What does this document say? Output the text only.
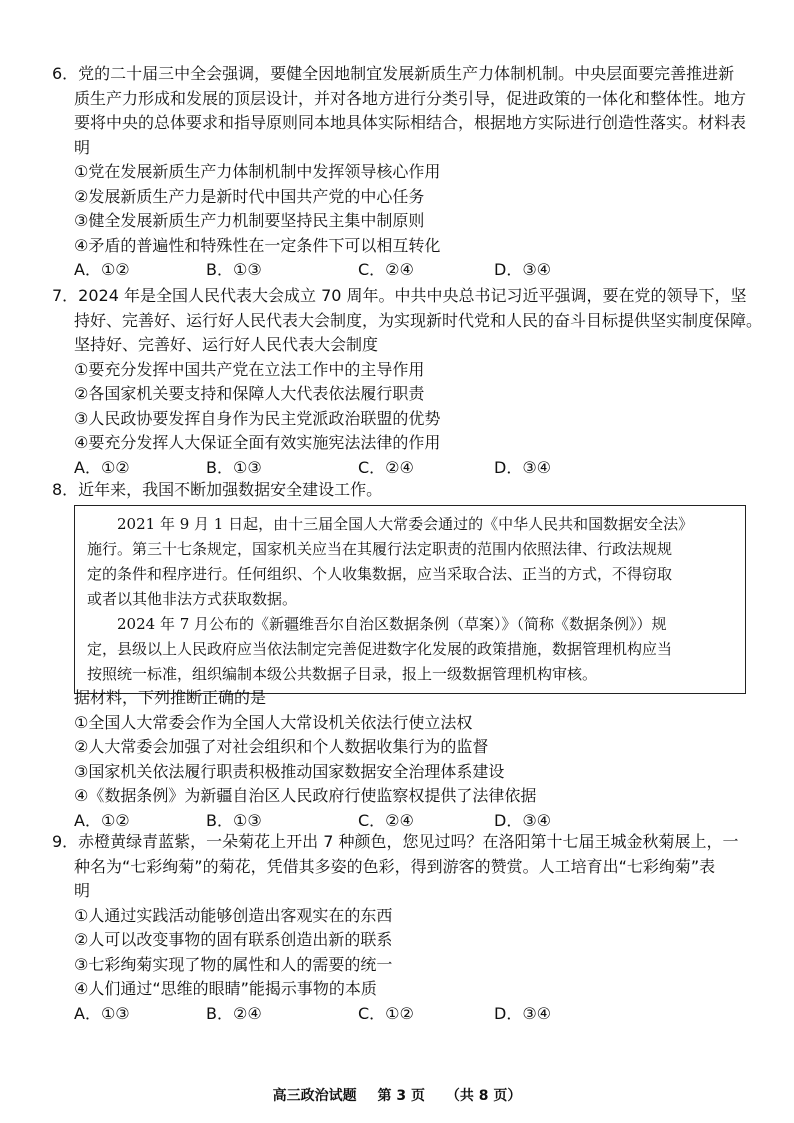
6．党的二十届三中全会强调，要健全因地制宜发展新质生产力体制机制。中央层面要完善推进新
质生产力形成和发展的顶层设计，并对各地方进行分类引导，促进政策的一体化和整体性。地方
要将中央的总体要求和指导原则同本地具体实际相结合，根据地方实际进行创造性落实。材料表
明
①党在发展新质生产力体制机制中发挥领导核心作用
②发展新质生产力是新时代中国共产党的中心任务
③健全发展新质生产力机制要坚持民主集中制原则
④矛盾的普遍性和特殊性在一定条件下可以相互转化
A．①②	B．①③	C．②④	D．③④
7．2024 年是全国人民代表大会成立 70 周年。中共中央总书记习近平强调，要在党的领导下，坚
持好、完善好、运行好人民代表大会制度，为实现新时代党和人民的奋斗目标提供坚实制度保障。
坚持好、完善好、运行好人民代表大会制度
①要充分发挥中国共产党在立法工作中的主导作用
②各国家机关要支持和保障人大代表依法履行职责
③人民政协要发挥自身作为民主党派政治联盟的优势
④要充分发挥人大保证全面有效实施宪法法律的作用
A．①②	B．①③	C．②④	D．③④
8．近年来，我国不断加强数据安全建设工作。
2021 年 9 月 1 日起，由十三届全国人大常委会通过的《中华人民共和国数据安全法》
施行。第三十七条规定，国家机关应当在其履行法定职责的范围内依照法律、行政法规规
定的条件和程序进行。任何组织、个人收集数据，应当采取合法、正当的方式，不得窃取
或者以其他非法方式获取数据。
2024 年 7 月公布的《新疆维吾尔自治区数据条例（草案）》（简称《数据条例》）规
定，县级以上人民政府应当依法制定完善促进数字化发展的政策措施，数据管理机构应当
按照统一标准，组织编制本级公共数据子目录，报上一级数据管理机构审核。
据材料，下列推断正确的是
①全国人大常委会作为全国人大常设机关依法行使立法权
②人大常委会加强了对社会组织和个人数据收集行为的监督
③国家机关依法履行职责积极推动国家数据安全治理体系建设
④《数据条例》为新疆自治区人民政府行使监察权提供了法律依据
A．①②	B．①③	C．②④	D．③④
9．赤橙黄绿青蓝紫，一朵菊花上开出 7 种颜色，您见过吗？在洛阳第十七届王城金秋菊展上，一
种名为“七彩绚菊”的菊花，凭借其多姿的色彩，得到游客的赞赏。人工培育出“七彩绚菊”表
明
①人通过实践活动能够创造出客观实在的东西
②人可以改变事物的固有联系创造出新的联系
③七彩绚菊实现了物的属性和人的需要的统一
④人们通过“思维的眼睛”能揭示事物的本质
A．①③	B．②④	C．①②	D．③④
高三政治试题 第 3 页 （共 8 页）
